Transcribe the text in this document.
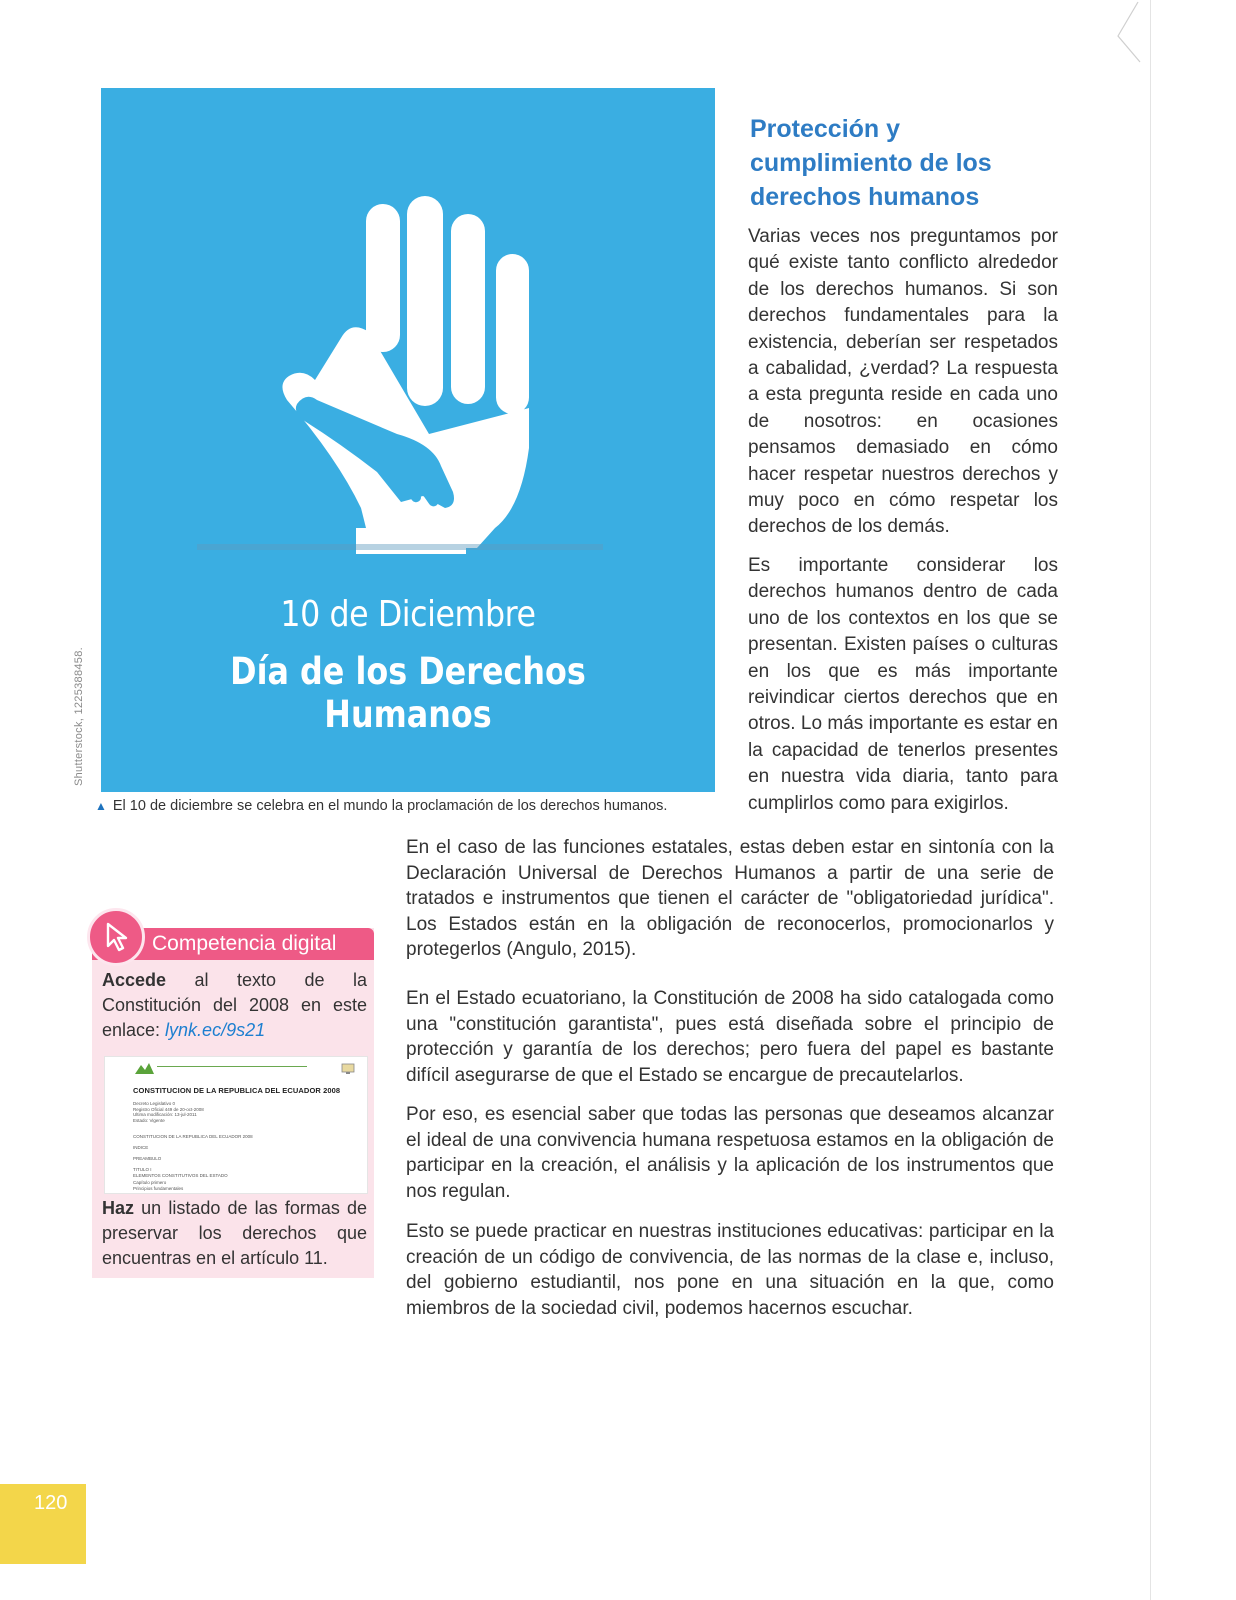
10 de Diciembre
Día de los Derechos Humanos
Shutterstock, 1225388458.
▲ El 10 de diciembre se celebra en el mundo la proclamación de los derechos humanos.
Protección y cumplimiento de los derechos humanos
Varias veces nos preguntamos por qué existe tanto conflicto alrededor de los derechos humanos. Si son derechos fundamentales para la existencia, deberían ser respetados a cabalidad, ¿verdad? La respuesta a esta pregunta reside en cada uno de nosotros: en ocasiones pensamos demasiado en cómo hacer respetar nuestros derechos y muy poco en cómo respetar los derechos de los demás.
Es importante considerar los derechos humanos dentro de cada uno de los contextos en los que se presentan. Existen países o culturas en los que es más importante reivindicar ciertos derechos que en otros. Lo más importante es estar en la capacidad de tenerlos presentes en nuestra vida diaria, tanto para cumplirlos como para exigirlos.
En el caso de las funciones estatales, estas deben estar en sintonía con la Declaración Universal de Derechos Humanos a partir de una serie de tratados e instrumentos que tienen el carácter de "obligatoriedad jurídica". Los Estados están en la obligación de reconocerlos, promocionarlos y protegerlos (Angulo, 2015).
En el Estado ecuatoriano, la Constitución de 2008 ha sido catalogada como una "constitución garantista", pues está diseñada sobre el principio de protección y garantía de los derechos; pero fuera del papel es bastante difícil asegurarse de que el Estado se encargue de precautelarlos.
Por eso, es esencial saber que todas las personas que deseamos alcanzar el ideal de una convivencia humana respetuosa estamos en la obligación de participar en la creación, el análisis y la aplicación de los instrumentos que nos regulan.
Esto se puede practicar en nuestras instituciones educativas: participar en la creación de un código de convivencia, de las normas de la clase e, incluso, del gobierno estudiantil, nos pone en una situación en la que, como miembros de la sociedad civil, podemos hacernos escuchar.
Competencia digital
Accede al texto de la Constitución del 2008 en este enlace: lynk.ec/9s21
CONSTITUCION DE LA REPUBLICA DEL ECUADOR 2008
Decreto Legislativo 0
Registro Oficial 449 de 20-oct-2008
Ultima modificación: 13-jul-2011
Estado: Vigente
CONSTITUCION DE LA REPUBLICA DEL ECUADOR 2008
INDICE
PREAMBULO
TITULO I
ELEMENTOS CONSTITUTIVOS DEL ESTADO
Capítulo primero
Principios fundamentales
Haz un listado de las formas de preservar los derechos que encuentras en el artículo 11.
120
